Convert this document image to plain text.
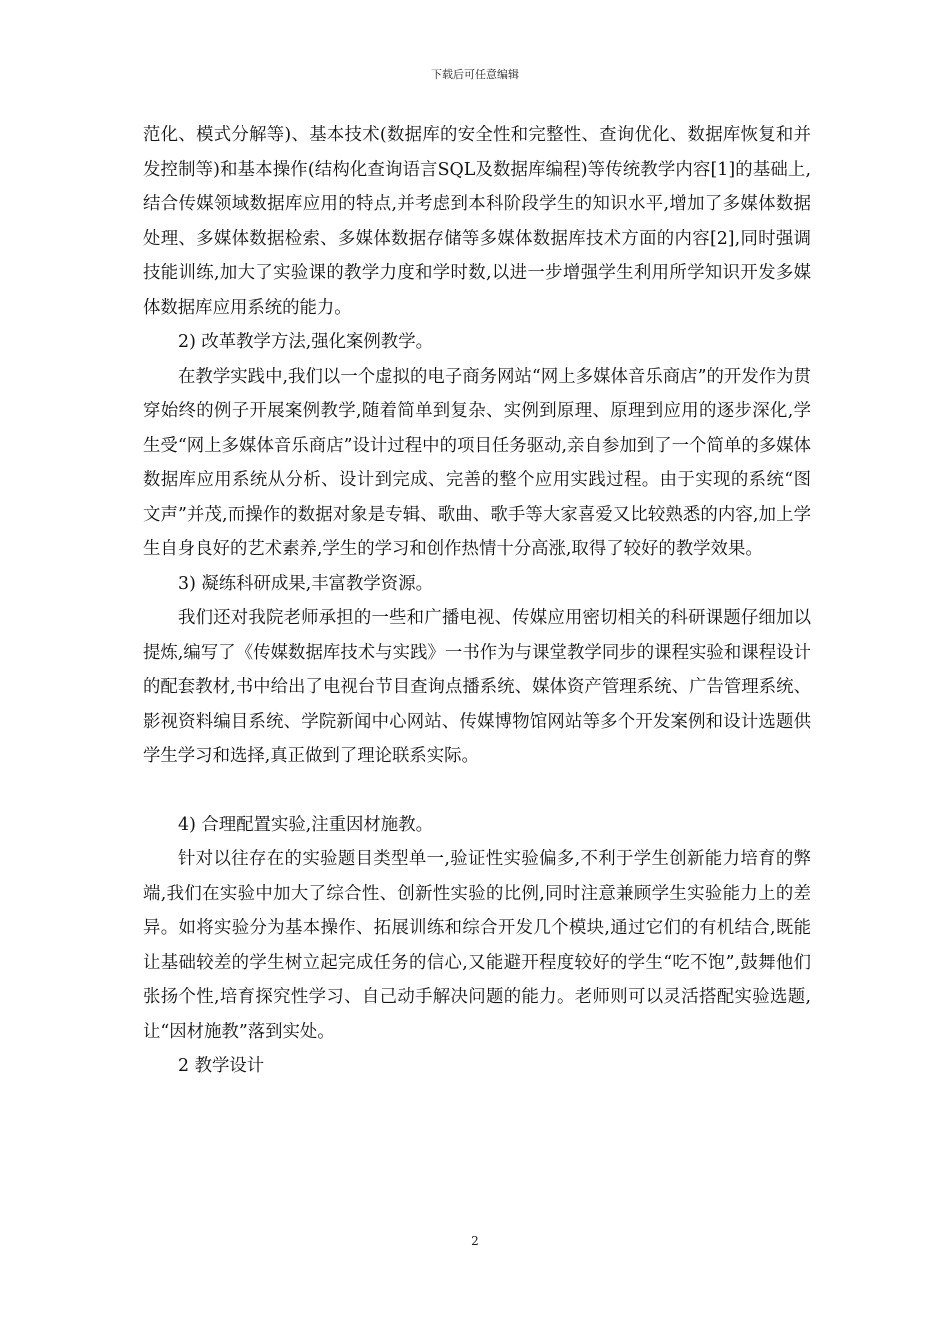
下载后可任意编辑

范化、模式分解等)、基本技术(数据库的安全性和完整性、查询优化、数据库恢复和并发控制等)和基本操作(结构化查询语言SQL及数据库编程)等传统教学内容[1]的基础上,结合传媒领域数据库应用的特点,并考虑到本科阶段学生的知识水平,增加了多媒体数据处理、多媒体数据检索、多媒体数据存储等多媒体数据库技术方面的内容[2],同时强调技能训练,加大了实验课的教学力度和学时数,以进一步增强学生利用所学知识开发多媒体数据库应用系统的能力。

2) 改革教学方法,强化案例教学。

在教学实践中,我们以一个虚拟的电子商务网站“网上多媒体音乐商店”的开发作为贯穿始终的例子开展案例教学,随着简单到复杂、实例到原理、原理到应用的逐步深化,学生受“网上多媒体音乐商店”设计过程中的项目任务驱动,亲自参加到了一个简单的多媒体数据库应用系统从分析、设计到完成、完善的整个应用实践过程。由于实现的系统“图文声”并茂,而操作的数据对象是专辑、歌曲、歌手等大家喜爱又比较熟悉的内容,加上学生自身良好的艺术素养,学生的学习和创作热情十分高涨,取得了较好的教学效果。

3) 凝练科研成果,丰富教学资源。

我们还对我院老师承担的一些和广播电视、传媒应用密切相关的科研课题仔细加以提炼,编写了《传媒数据库技术与实践》一书作为与课堂教学同步的课程实验和课程设计的配套教材,书中给出了电视台节目查询点播系统、媒体资产管理系统、广告管理系统、影视资料编目系统、学院新闻中心网站、传媒博物馆网站等多个开发案例和设计选题供学生学习和选择,真正做到了理论联系实际。

4) 合理配置实验,注重因材施教。

针对以往存在的实验题目类型单一,验证性实验偏多,不利于学生创新能力培育的弊端,我们在实验中加大了综合性、创新性实验的比例,同时注意兼顾学生实验能力上的差异。如将实验分为基本操作、拓展训练和综合开发几个模块,通过它们的有机结合,既能让基础较差的学生树立起完成任务的信心,又能避开程度较好的学生“吃不饱”,鼓舞他们张扬个性,培育探究性学习、自己动手解决问题的能力。老师则可以灵活搭配实验选题,让“因材施教”落到实处。

2 教学设计

2
